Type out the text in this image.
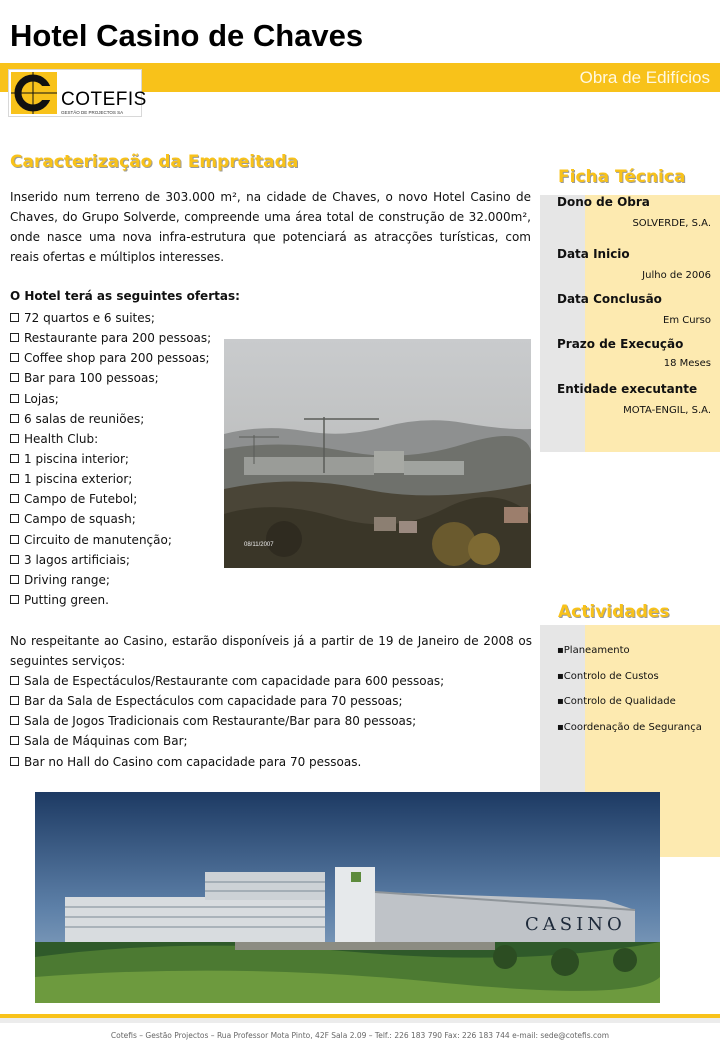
Hotel Casino de Chaves
Obra de Edifícios
COTEFIS
GESTÃO DE PROJECTOS SA
Caracterização da Empreitada
Inserido num terreno de 303.000 m², na cidade de Chaves, o novo Hotel Casino de Chaves, do Grupo Solverde, compreende uma área total de construção de 32.000m², onde nasce uma nova infra-estrutura que potenciará as atracções turísticas, com reais ofertas e múltiplos interesses.
O Hotel terá as seguintes ofertas:
72 quartos e 6 suites;
Restaurante para 200 pessoas;
Coffee shop para 200 pessoas;
Bar para 100 pessoas;
Lojas;
6 salas de reuniões;
Health Club:
1 piscina interior;
1 piscina exterior;
Campo de Futebol;
Campo de squash;
Circuito de manutenção;
3 lagos artificiais;
Driving range;
Putting green.
08/11/2007
No respeitante ao Casino, estarão disponíveis já a partir de 19 de Janeiro de 2008 os seguintes serviços:
Sala de Espectáculos/Restaurante com capacidade para 600 pessoas;
Bar da Sala de Espectáculos com capacidade para 70 pessoas;
Sala de Jogos Tradicionais com Restaurante/Bar para 80 pessoas;
Sala de Máquinas com Bar;
Bar no Hall do Casino com capacidade para 70 pessoas.
Ficha Técnica
Dono de Obra
SOLVERDE, S.A.
Data Inicio
Julho de 2006
Data Conclusão
Em Curso
Prazo de Execução
18 Meses
Entidade executante
MOTA-ENGIL, S.A.
Actividades
▪Planeamento
▪Controlo de Custos
▪Controlo de Qualidade
▪Coordenação de Segurança
CASINO
Cotefis – Gestão Projectos – Rua Professor Mota Pinto, 42F Sala 2.09 – Telf.: 226 183 790 Fax: 226 183 744 e-mail: sede@cotefis.com
